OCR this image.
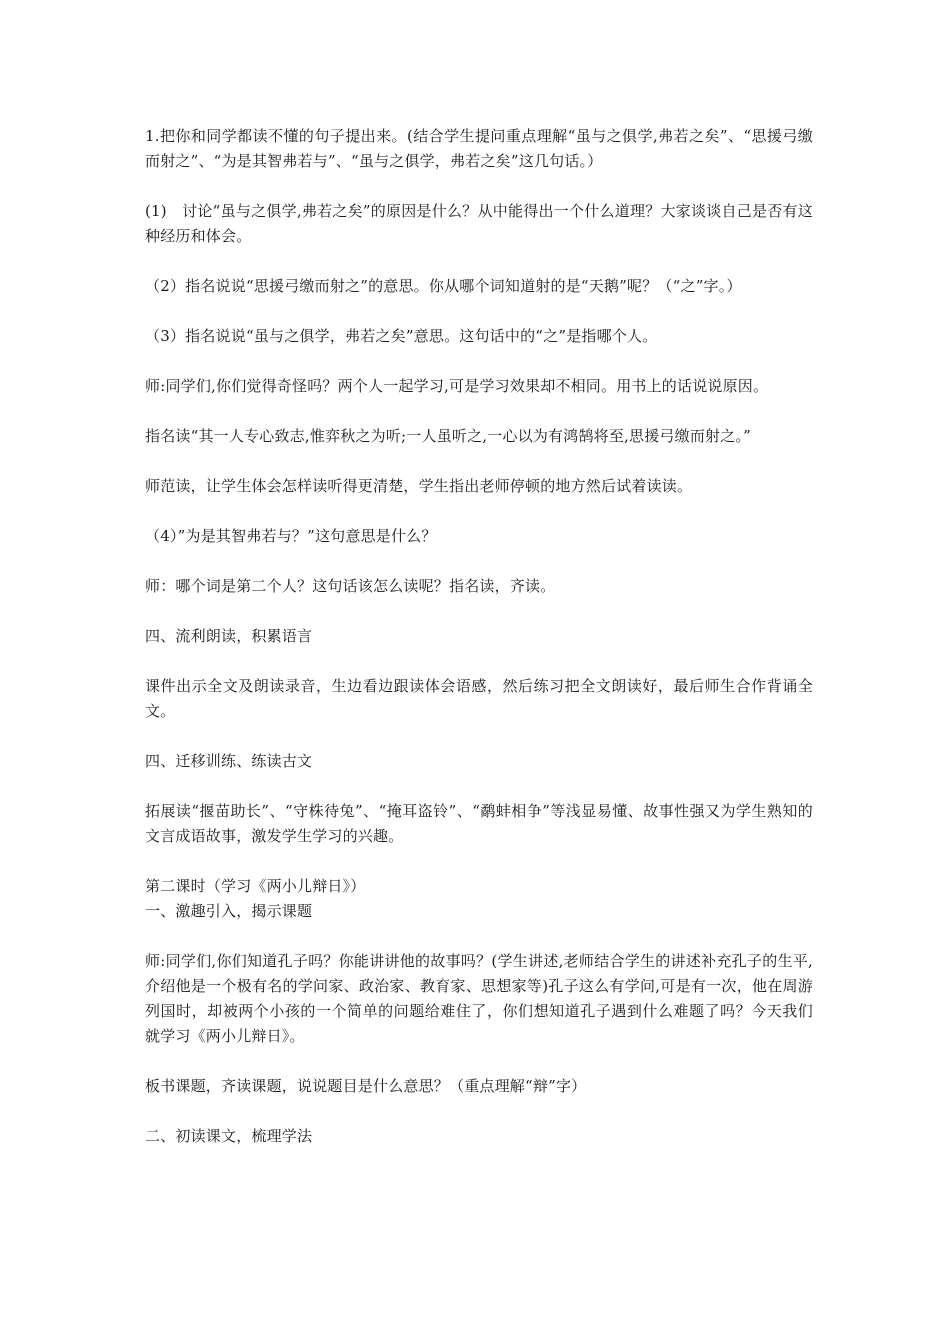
1.把你和同学都读不懂的句子提出来。(结合学生提问重点理解“虽与之俱学,弗若之矣”、“思援弓缴而射之”、“为是其智弗若与”、“虽与之俱学，弗若之矣”这几句话。）

(1)　讨论“虽与之俱学,弗若之矣”的原因是什么？从中能得出一个什么道理？大家谈谈自己是否有这种经历和体会。

（2）指名说说“思援弓缴而射之”的意思。你从哪个词知道射的是“天鹅”呢？（“之”字。）

（3）指名说说“虽与之俱学，弗若之矣”意思。这句话中的“之”是指哪个人。

师:同学们,你们觉得奇怪吗？两个人一起学习,可是学习效果却不相同。用书上的话说说原因。

指名读“其一人专心致志,惟弈秋之为听;一人虽听之,一心以为有鸿鹄将至,思援弓缴而射之。”

师范读，让学生体会怎样读听得更清楚，学生指出老师停顿的地方然后试着读读。

（4）”为是其智弗若与？”这句意思是什么？

师：哪个词是第二个人？这句话该怎么读呢？指名读，齐读。

四、流利朗读，积累语言

课件出示全文及朗读录音，生边看边跟读体会语感，然后练习把全文朗读好，最后师生合作背诵全文。

四、迁移训练、练读古文

拓展读“揠苗助长”、“守株待兔”、“掩耳盗铃”、“鹬蚌相争”等浅显易懂、故事性强又为学生熟知的文言成语故事，激发学生学习的兴趣。

第二课时（学习《两小儿辩日》）

一、激趣引入，揭示课题

师:同学们,你们知道孔子吗？你能讲讲他的故事吗？(学生讲述,老师结合学生的讲述补充孔子的生平,介绍他是一个极有名的学问家、政治家、教育家、思想家等)孔子这么有学问,可是有一次，他在周游列国时，却被两个小孩的一个简单的问题给难住了，你们想知道孔子遇到什么难题了吗？今天我们就学习《两小儿辩日》。

板书课题，齐读课题，说说题目是什么意思？（重点理解“辩”字）

二、初读课文，梳理学法
